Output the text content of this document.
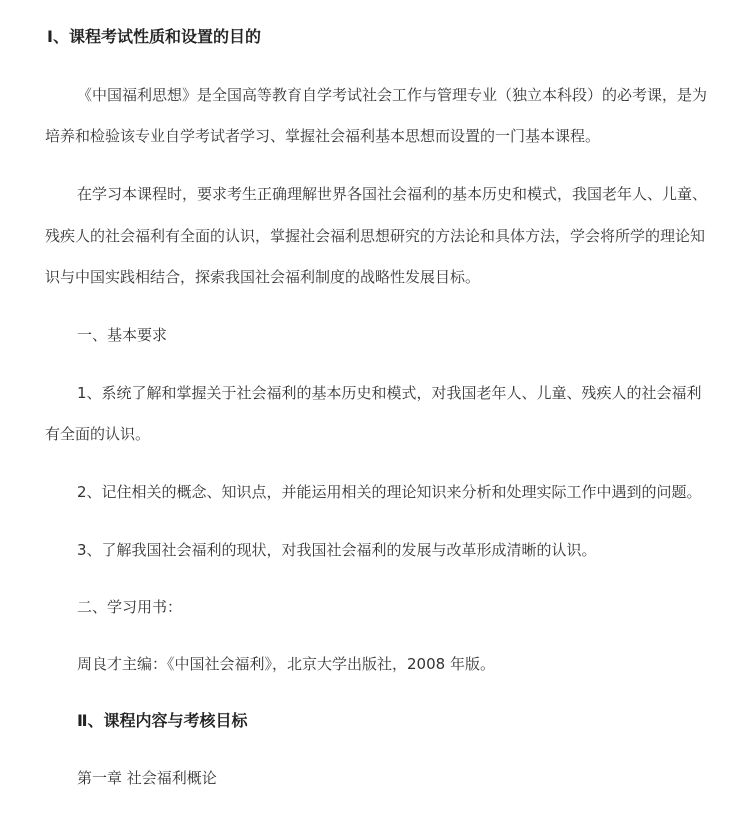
Ⅰ、课程考试性质和设置的目的
《中国福利思想》是全国高等教育自学考试社会工作与管理专业（独立本科段）的必考课，是为
培养和检验该专业自学考试者学习、掌握社会福利基本思想而设置的一门基本课程。
在学习本课程时，要求考生正确理解世界各国社会福利的基本历史和模式，我国老年人、儿童、
残疾人的社会福利有全面的认识，掌握社会福利思想研究的方法论和具体方法，学会将所学的理论知
识与中国实践相结合，探索我国社会福利制度的战略性发展目标。
一、基本要求
1、系统了解和掌握关于社会福利的基本历史和模式，对我国老年人、儿童、残疾人的社会福利
有全面的认识。
2、记住相关的概念、知识点，并能运用相关的理论知识来分析和处理实际工作中遇到的问题。
3、了解我国社会福利的现状，对我国社会福利的发展与改革形成清晰的认识。
二、学习用书：
周良才主编：《中国社会福利》，北京大学出版社，2008 年版。
Ⅱ、课程内容与考核目标
第一章 社会福利概论
